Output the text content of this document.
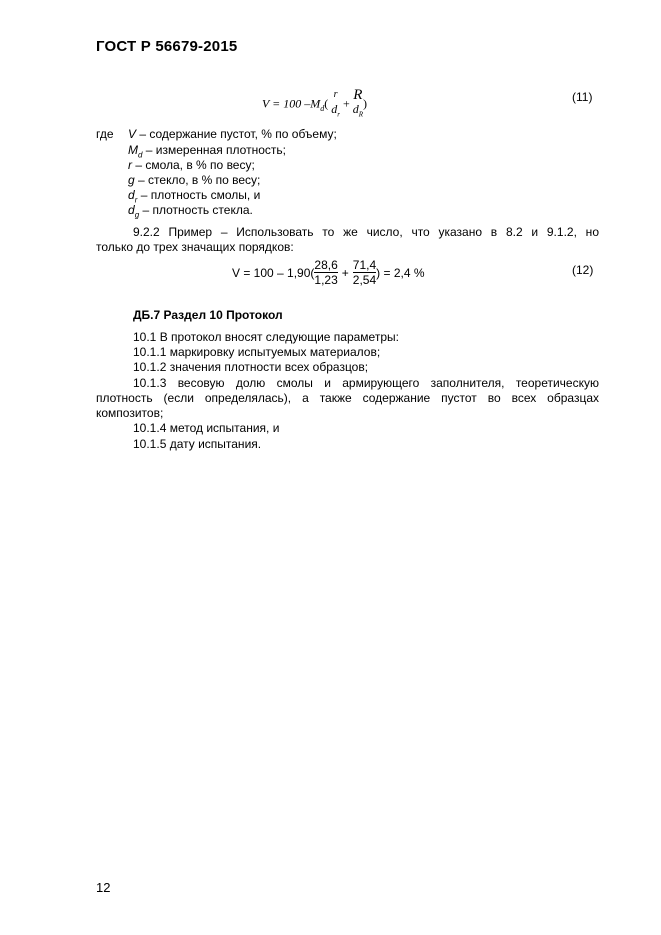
ГОСТ Р 56679-2015
V = 100 $-M_d$(
r
$d_r$
+
R
$d_R$
)	(11)
где V – содержание пустот, % по объему;
$M_d$ – измеренная плотность;
r – смола, в % по весу;
g – стекло, в % по весу;
$d_r$ – плотность смолы, и
$d_g$ – плотность стекла.
9.2.2 Пример – Использовать то же число, что указано в 8.2 и 9.1.2, но
только до трех значащих порядков:
$V = 100 - 1,90( \frac{28,6}{1,23} + \frac{71,4}{2,54}$ ) = 2,4 %	(12)
ДБ.7 Раздел 10 Протокол
10.1 В протокол вносят следующие параметры:
10.1.1 маркировку испытуемых материалов;
10.1.2 значения плотности всех образцов;
10.1.3 весовую долю смолы и армирующего заполнителя, теоретическую
плотность (если определялась), а также содержание пустот во всех образцах
композитов;
10.1.4 метод испытания, и
10.1.5 дату испытания.
12
